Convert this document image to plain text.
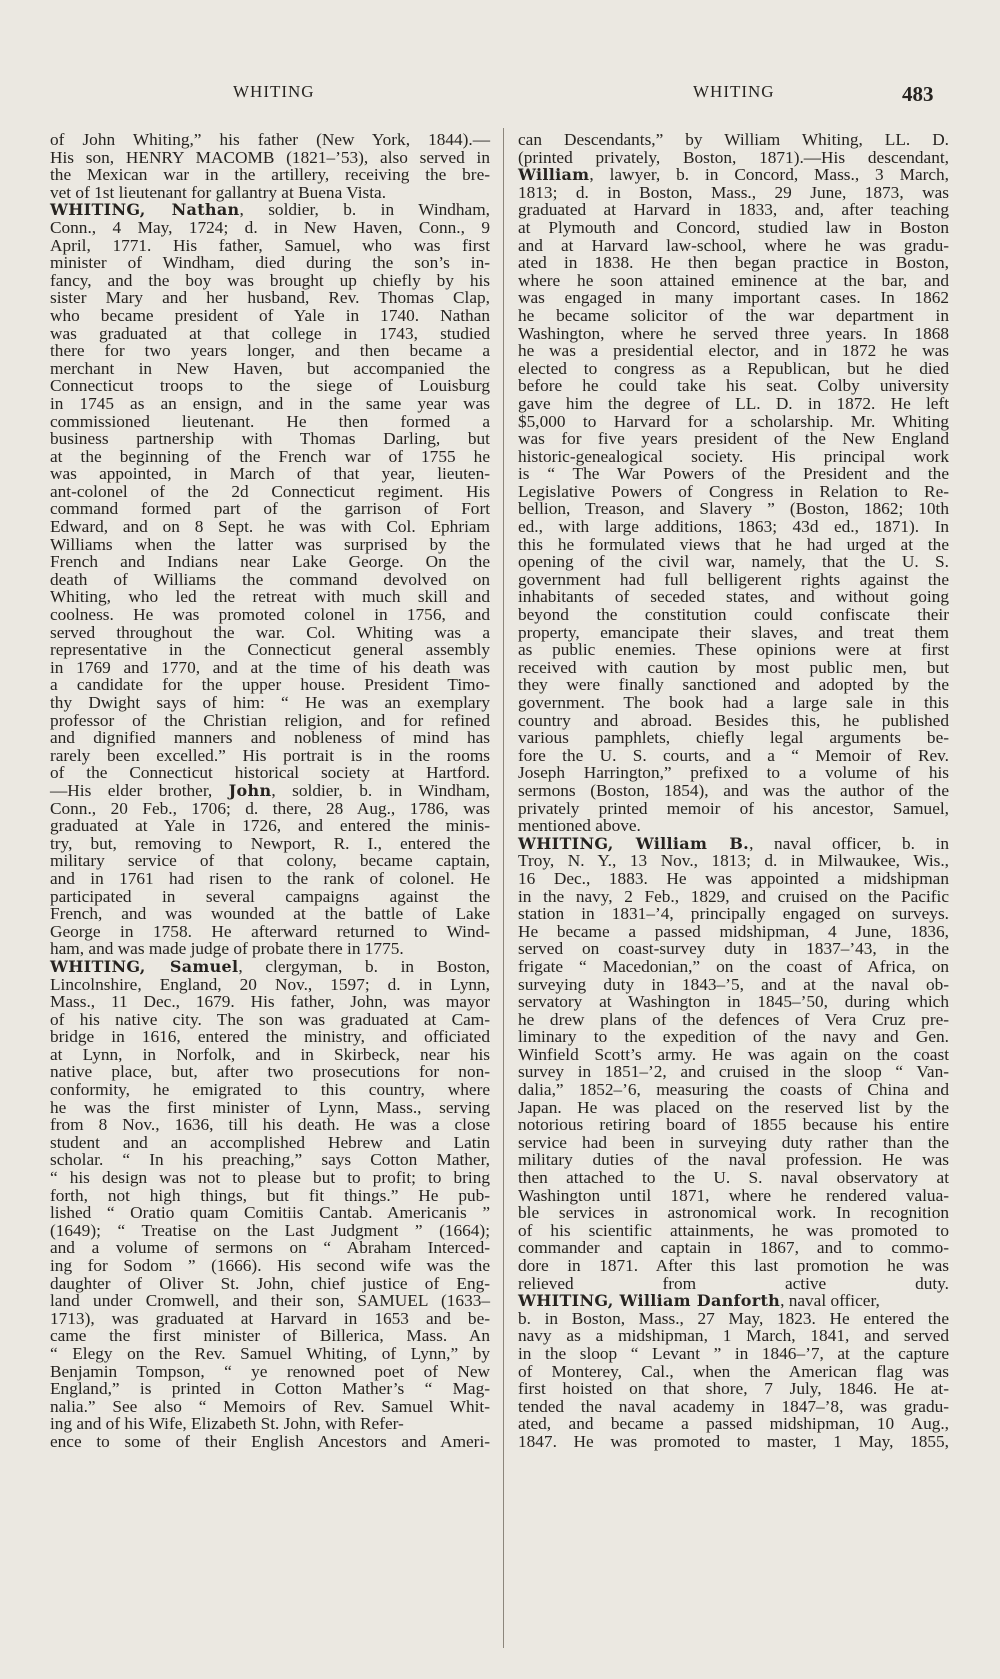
WHITING	WHITING	483
of John Whiting,” his father (New York, 1844).—
His son, HENRY MACOMB (1821–’53), also served in
the Mexican war in the artillery, receiving the bre-
vet of 1st lieutenant for gallantry at Buena Vista.
WHITING, Nathan, soldier, b. in Windham,
Conn., 4 May, 1724; d. in New Haven, Conn., 9
April, 1771. His father, Samuel, who was first
minister of Windham, died during the son’s in-
fancy, and the boy was brought up chiefly by his
sister Mary and her husband, Rev. Thomas Clap,
who became president of Yale in 1740. Nathan
was graduated at that college in 1743, studied
there for two years longer, and then became a
merchant in New Haven, but accompanied the
Connecticut troops to the siege of Louisburg
in 1745 as an ensign, and in the same year was
commissioned lieutenant. He then formed a
business partnership with Thomas Darling, but
at the beginning of the French war of 1755 he
was appointed, in March of that year, lieuten-
ant-colonel of the 2d Connecticut regiment. His
command formed part of the garrison of Fort
Edward, and on 8 Sept. he was with Col. Ephriam
Williams when the latter was surprised by the
French and Indians near Lake George. On the
death of Williams the command devolved on
Whiting, who led the retreat with much skill and
coolness. He was promoted colonel in 1756, and
served throughout the war. Col. Whiting was a
representative in the Connecticut general assembly
in 1769 and 1770, and at the time of his death was
a candidate for the upper house. President Timo-
thy Dwight says of him: “ He was an exemplary
professor of the Christian religion, and for refined
and dignified manners and nobleness of mind has
rarely been excelled.” His portrait is in the rooms
of the Connecticut historical society at Hartford.
—His elder brother, John, soldier, b. in Windham,
Conn., 20 Feb., 1706; d. there, 28 Aug., 1786, was
graduated at Yale in 1726, and entered the minis-
try, but, removing to Newport, R. I., entered the
military service of that colony, became captain,
and in 1761 had risen to the rank of colonel. He
participated in several campaigns against the
French, and was wounded at the battle of Lake
George in 1758. He afterward returned to Wind-
ham, and was made judge of probate there in 1775.
WHITING, Samuel, clergyman, b. in Boston,
Lincolnshire, England, 20 Nov., 1597; d. in Lynn,
Mass., 11 Dec., 1679. His father, John, was mayor
of his native city. The son was graduated at Cam-
bridge in 1616, entered the ministry, and officiated
at Lynn, in Norfolk, and in Skirbeck, near his
native place, but, after two prosecutions for non-
conformity, he emigrated to this country, where
he was the first minister of Lynn, Mass., serving
from 8 Nov., 1636, till his death. He was a close
student and an accomplished Hebrew and Latin
scholar. “ In his preaching,” says Cotton Mather,
“ his design was not to please but to profit; to bring
forth, not high things, but fit things.” He pub-
lished “ Oratio quam Comitiis Cantab. Americanis ”
(1649); “ Treatise on the Last Judgment ” (1664);
and a volume of sermons on “ Abraham Interced-
ing for Sodom ” (1666). His second wife was the
daughter of Oliver St. John, chief justice of Eng-
land under Cromwell, and their son, SAMUEL (1633–
1713), was graduated at Harvard in 1653 and be-
came the first minister of Billerica, Mass. An
“ Elegy on the Rev. Samuel Whiting, of Lynn,” by
Benjamin Tompson, “ ye renowned poet of New
England,” is printed in Cotton Mather’s “ Mag-
nalia.” See also “ Memoirs of Rev. Samuel Whit-
ing and of his Wife, Elizabeth St. John, with Refer-
ence to some of their English Ancestors and Ameri-
can Descendants,” by William Whiting, LL. D.
(printed privately, Boston, 1871).—His descendant,
William, lawyer, b. in Concord, Mass., 3 March,
1813; d. in Boston, Mass., 29 June, 1873, was
graduated at Harvard in 1833, and, after teaching
at Plymouth and Concord, studied law in Boston
and at Harvard law-school, where he was gradu-
ated in 1838. He then began practice in Boston,
where he soon attained eminence at the bar, and
was engaged in many important cases. In 1862
he became solicitor of the war department in
Washington, where he served three years. In 1868
he was a presidential elector, and in 1872 he was
elected to congress as a Republican, but he died
before he could take his seat. Colby university
gave him the degree of LL. D. in 1872. He left
$5,000 to Harvard for a scholarship. Mr. Whiting
was for five years president of the New England
historic-genealogical society. His principal work
is “ The War Powers of the President and the
Legislative Powers of Congress in Relation to Re-
bellion, Treason, and Slavery ” (Boston, 1862; 10th
ed., with large additions, 1863; 43d ed., 1871). In
this he formulated views that he had urged at the
opening of the civil war, namely, that the U. S.
government had full belligerent rights against the
inhabitants of seceded states, and without going
beyond the constitution could confiscate their
property, emancipate their slaves, and treat them
as public enemies. These opinions were at first
received with caution by most public men, but
they were finally sanctioned and adopted by the
government. The book had a large sale in this
country and abroad. Besides this, he published
various pamphlets, chiefly legal arguments be-
fore the U. S. courts, and a “ Memoir of Rev.
Joseph Harrington,” prefixed to a volume of his
sermons (Boston, 1854), and was the author of the
privately printed memoir of his ancestor, Samuel,
mentioned above.
WHITING, William B., naval officer, b. in
Troy, N. Y., 13 Nov., 1813; d. in Milwaukee, Wis.,
16 Dec., 1883. He was appointed a midshipman
in the navy, 2 Feb., 1829, and cruised on the Pacific
station in 1831–’4, principally engaged on surveys.
He became a passed midshipman, 4 June, 1836,
served on coast-survey duty in 1837–’43, in the
frigate “ Macedonian,” on the coast of Africa, on
surveying duty in 1843–’5, and at the naval ob-
servatory at Washington in 1845–’50, during which
he drew plans of the defences of Vera Cruz pre-
liminary to the expedition of the navy and Gen.
Winfield Scott’s army. He was again on the coast
survey in 1851–’2, and cruised in the sloop “ Van-
dalia,” 1852–’6, measuring the coasts of China and
Japan. He was placed on the reserved list by the
notorious retiring board of 1855 because his entire
service had been in surveying duty rather than the
military duties of the naval profession. He was
then attached to the U. S. naval observatory at
Washington until 1871, where he rendered valua-
ble services in astronomical work. In recognition
of his scientific attainments, he was promoted to
commander and captain in 1867, and to commo-
dore in 1871. After this last promotion he was
relieved from active duty.
WHITING, William Danforth, naval officer,
b. in Boston, Mass., 27 May, 1823. He entered the
navy as a midshipman, 1 March, 1841, and served
in the sloop “ Levant ” in 1846–’7, at the capture
of Monterey, Cal., when the American flag was
first hoisted on that shore, 7 July, 1846. He at-
tended the naval academy in 1847–’8, was gradu-
ated, and became a passed midshipman, 10 Aug.,
1847. He was promoted to master, 1 May, 1855,
